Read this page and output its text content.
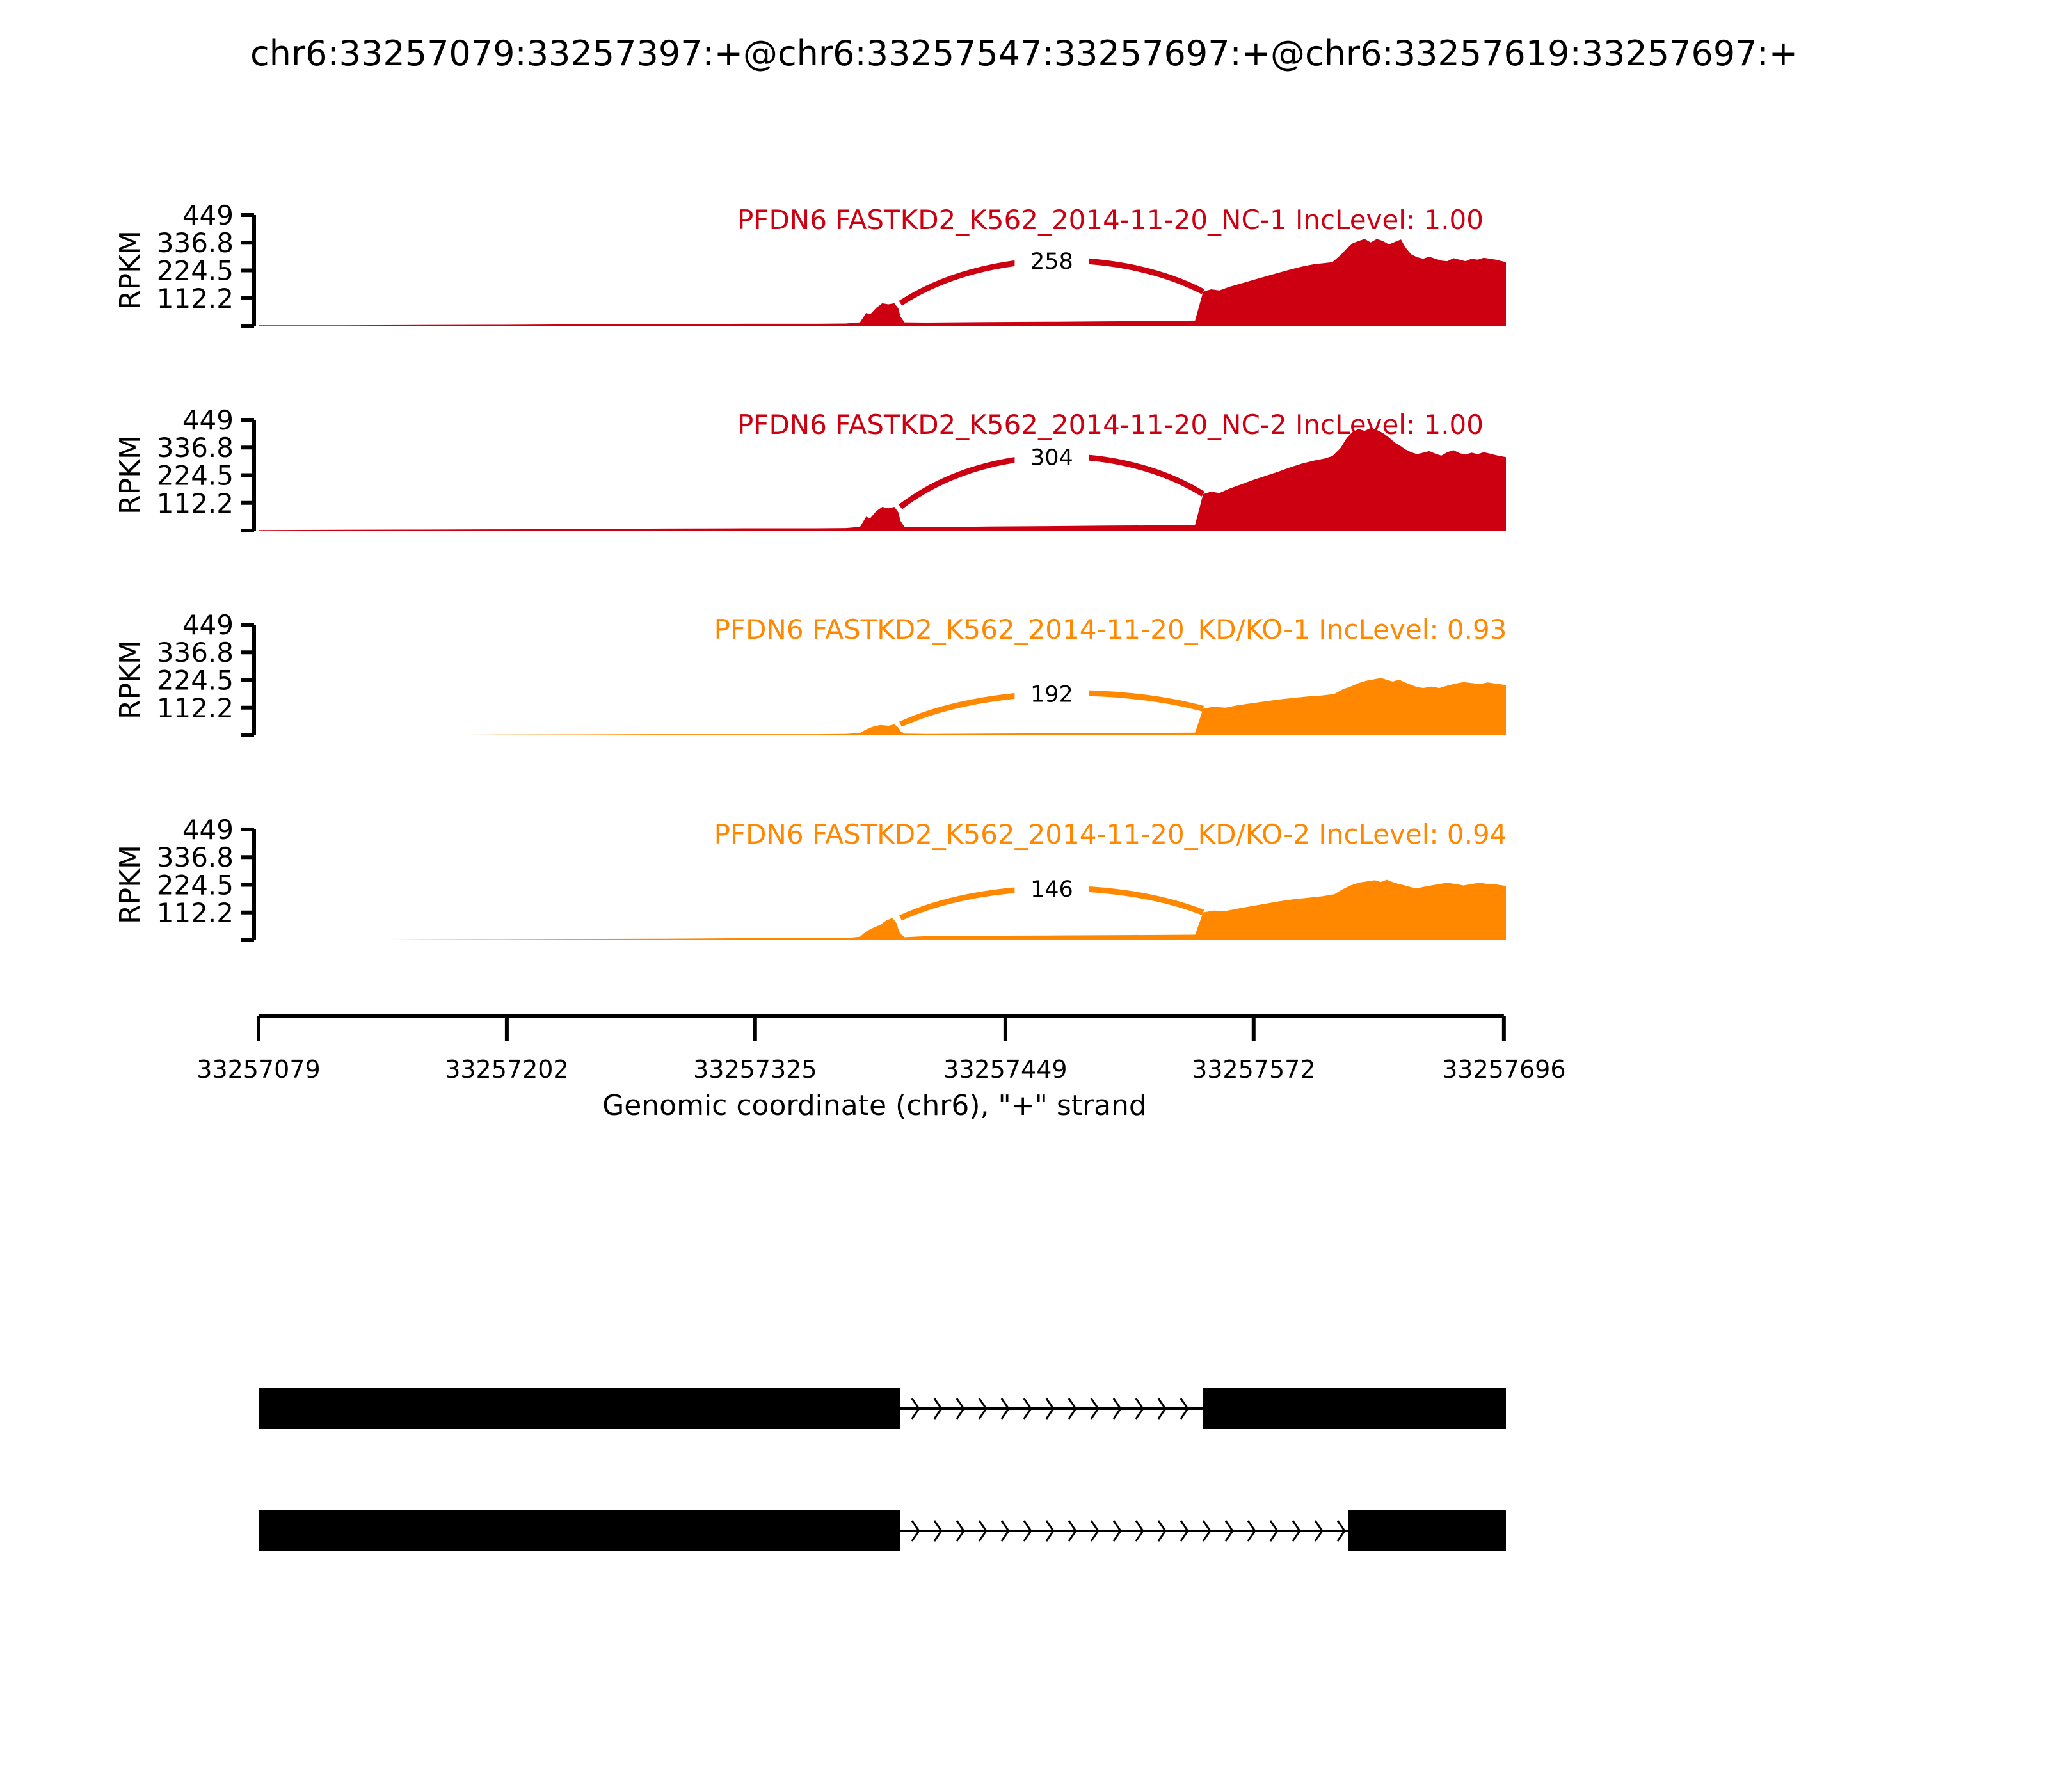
chr6:33257079:33257397:+@chr6:33257547:33257697:+@chr6:33257619:33257697:+
258
449
336.8
224.5
112.2
RPKM
PFDN6 FASTKD2_K562_2014-11-20_NC-1 IncLevel: 1.00
304
449
336.8
224.5
112.2
RPKM
PFDN6 FASTKD2_K562_2014-11-20_NC-2 IncLevel: 1.00
192
449
336.8
224.5
112.2
RPKM
PFDN6 FASTKD2_K562_2014-11-20_KD/KO-1 IncLevel: 0.93
146
449
336.8
224.5
112.2
RPKM
PFDN6 FASTKD2_K562_2014-11-20_KD/KO-2 IncLevel: 0.94
33257079	33257202	33257325	33257449	33257572	33257696
Genomic coordinate (chr6), "+" strand
